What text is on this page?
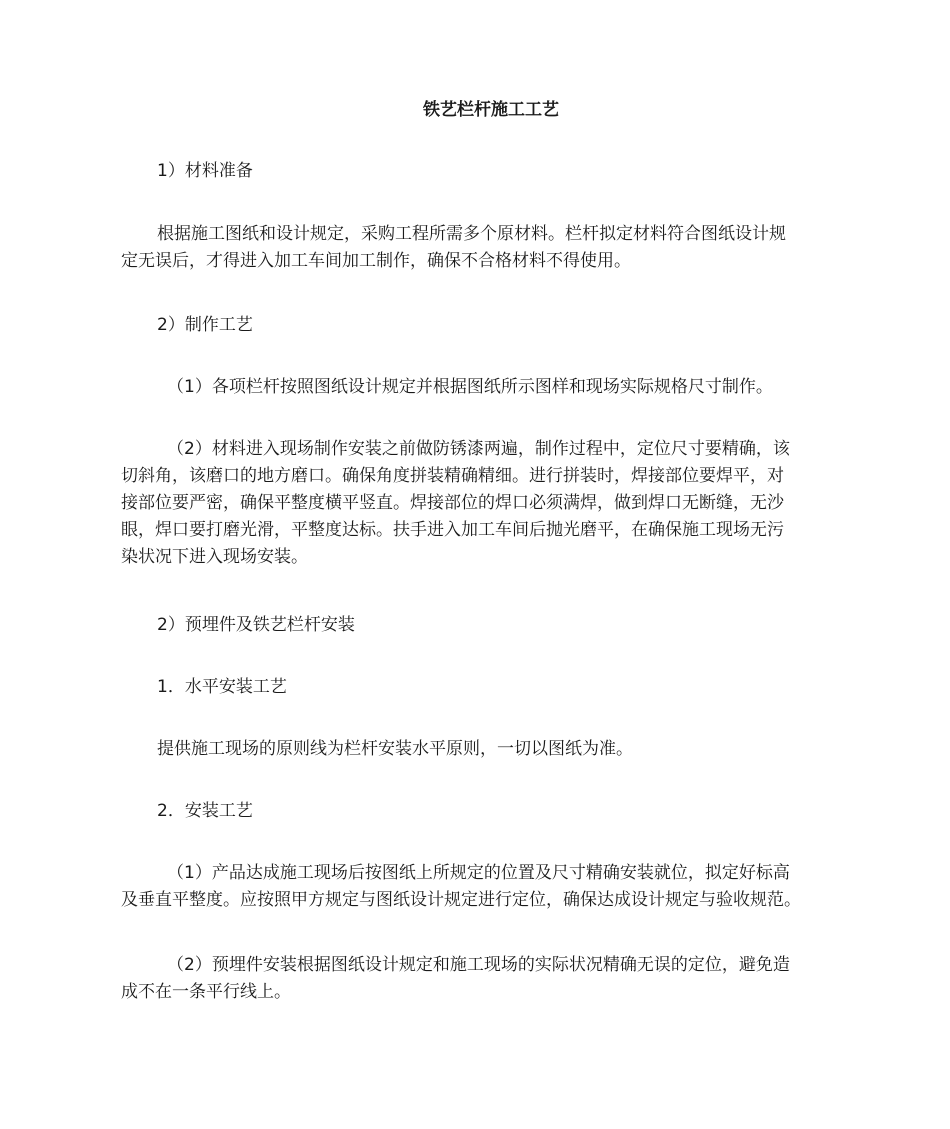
铁艺栏杆施工工艺

1）材料准备

根据施工图纸和设计规定，采购工程所需多个原材料。栏杆拟定材料符合图纸设计规
定无误后，才得进入加工车间加工制作，确保不合格材料不得使用。

2）制作工艺

（1）各项栏杆按照图纸设计规定并根据图纸所示图样和现场实际规格尺寸制作。

（2）材料进入现场制作安装之前做防锈漆两遍，制作过程中，定位尺寸要精确，该
切斜角，该磨口的地方磨口。确保角度拼装精确精细。进行拼装时，焊接部位要焊平，对
接部位要严密，确保平整度横平竖直。焊接部位的焊口必须满焊，做到焊口无断缝，无沙
眼，焊口要打磨光滑，平整度达标。扶手进入加工车间后抛光磨平，在确保施工现场无污
染状况下进入现场安装。

2）预埋件及铁艺栏杆安装

1．水平安装工艺

提供施工现场的原则线为栏杆安装水平原则，一切以图纸为准。

2．安装工艺

（1）产品达成施工现场后按图纸上所规定的位置及尺寸精确安装就位，拟定好标高
及垂直平整度。应按照甲方规定与图纸设计规定进行定位，确保达成设计规定与验收规范。

（2）预埋件安装根据图纸设计规定和施工现场的实际状况精确无误的定位，避免造
成不在一条平行线上。
